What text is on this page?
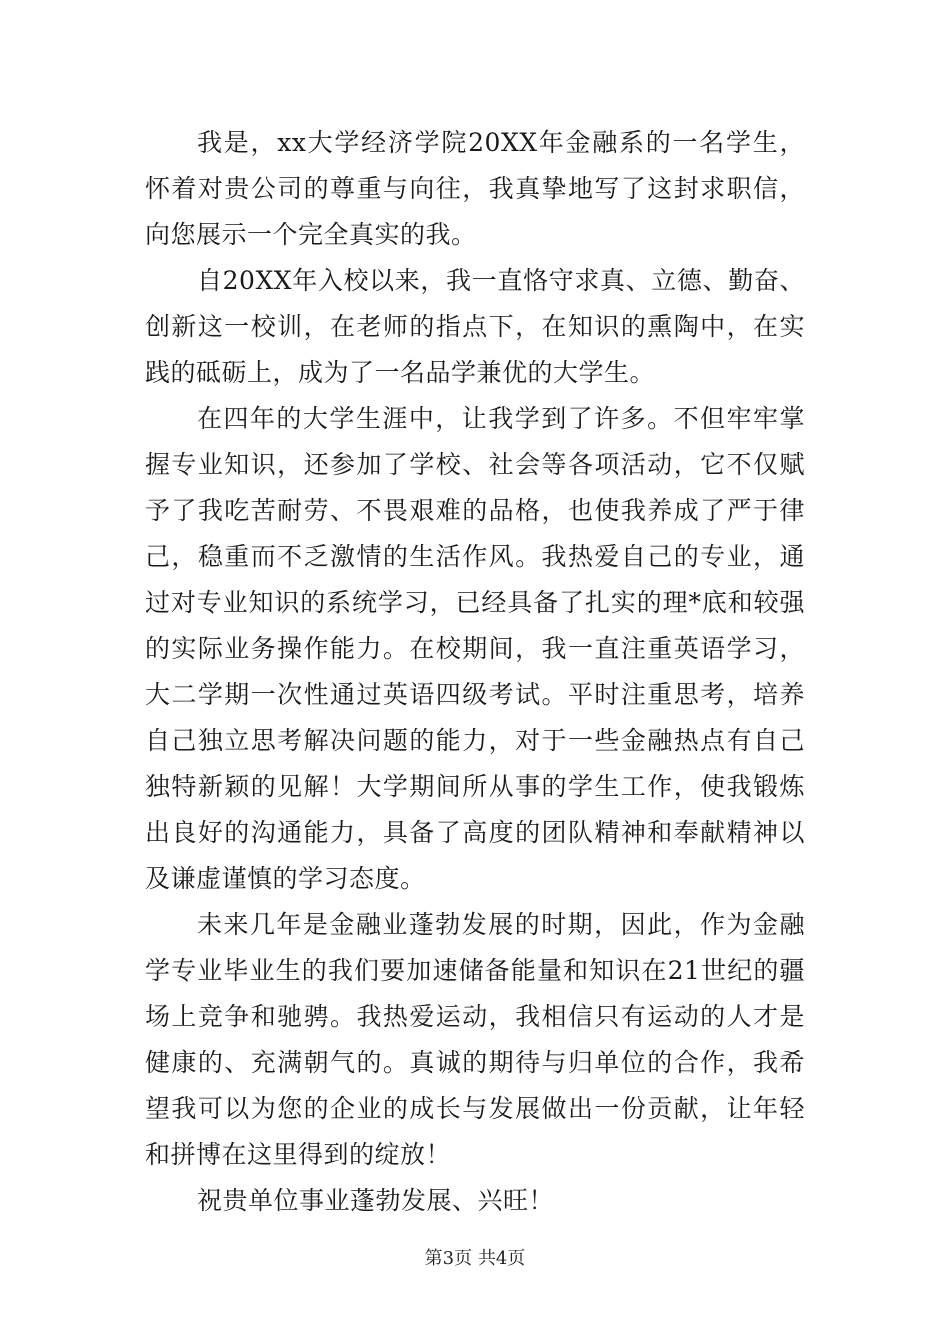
我是，xx大学经济学院20XX年金融系的一名学生，怀着对贵公司的尊重与向往，我真挚地写了这封求职信，向您展示一个完全真实的我。

自20XX年入校以来，我一直恪守求真、立德、勤奋、创新这一校训，在老师的指点下，在知识的熏陶中，在实践的砥砺上，成为了一名品学兼优的大学生。

在四年的大学生涯中，让我学到了许多。不但牢牢掌握专业知识，还参加了学校、社会等各项活动，它不仅赋予了我吃苦耐劳、不畏艰难的品格，也使我养成了严于律己，稳重而不乏激情的生活作风。我热爱自己的专业，通过对专业知识的系统学习，已经具备了扎实的理*底和较强的实际业务操作能力。在校期间，我一直注重英语学习，大二学期一次性通过英语四级考试。平时注重思考，培养自己独立思考解决问题的能力，对于一些金融热点有自己独特新颖的见解！大学期间所从事的学生工作，使我锻炼出良好的沟通能力，具备了高度的团队精神和奉献精神以及谦虚谨慎的学习态度。

未来几年是金融业蓬勃发展的时期，因此，作为金融学专业毕业生的我们要加速储备能量和知识在21世纪的疆场上竞争和驰骋。我热爱运动，我相信只有运动的人才是健康的、充满朝气的。真诚的期待与归单位的合作，我希望我可以为您的企业的成长与发展做出一份贡献，让年轻和拼博在这里得到的绽放！

祝贵单位事业蓬勃发展、兴旺！

第3页 共4页
